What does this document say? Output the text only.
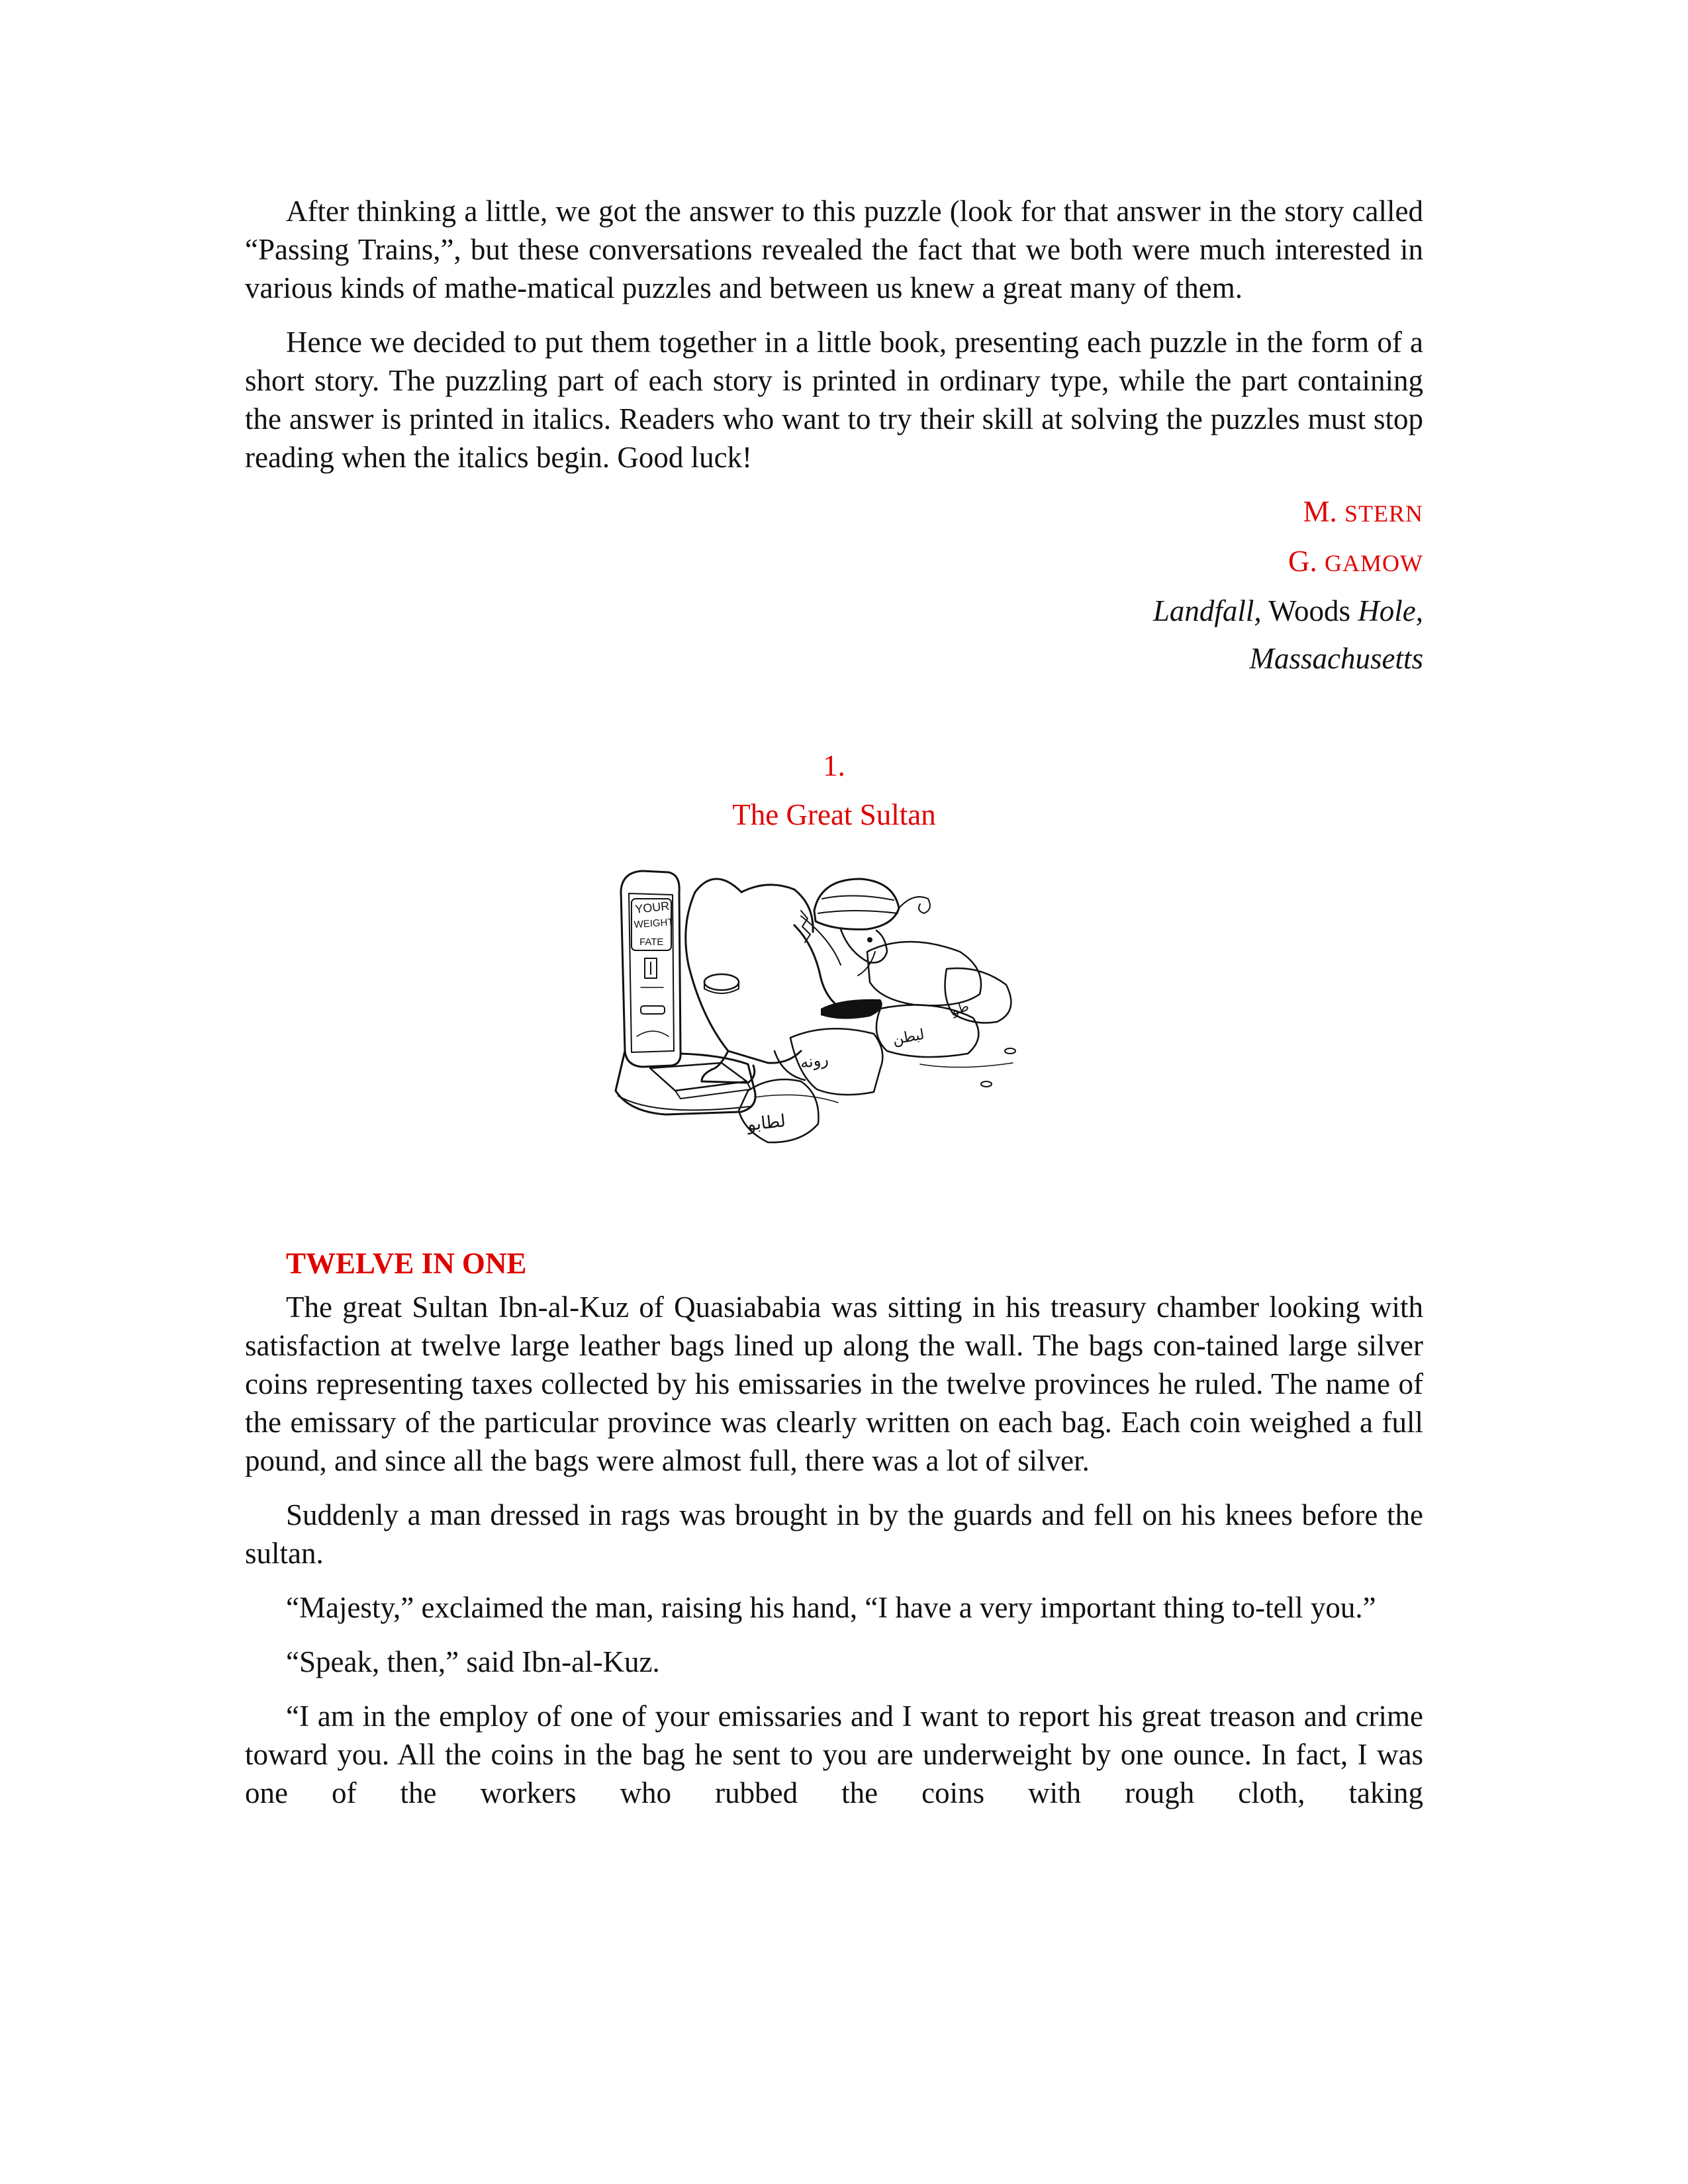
After thinking a little, we got the answer to this puzzle (look for that answer in the story called “Passing Trains,”, but these conversations revealed the fact that we both were much interested in various kinds of mathe-matical puzzles and between us knew a great many of them.

Hence we decided to put them together in a little book, presenting each puzzle in the form of a short story. The puzzling part of each story is printed in ordinary type, while the part containing the answer is printed in italics. Readers who want to try their skill at solving the puzzles must stop reading when the italics begin. Good luck!

M. STERN

G. GAMOW

Landfall, Woods Hole,

Massachusetts

1.

The Great Sultan

YOUR
WEIGHT
FATE
ﻃﻮ
ﻟﺒﻄﻦ
ﺭﻭﻧﻪ
ﻟﻄﺎﺑﻮ

TWELVE IN ONE

The great Sultan Ibn-al-Kuz of Quasiababia was sitting in his treasury chamber looking with satisfaction at twelve large leather bags lined up along the wall. The bags con-tained large silver coins representing taxes collected by his emissaries in the twelve provinces he ruled. The name of the emissary of the particular province was clearly written on each bag. Each coin weighed a full pound, and since all the bags were almost full, there was a lot of silver.

Suddenly a man dressed in rags was brought in by the guards and fell on his knees before the sultan.

“Majesty,” exclaimed the man, raising his hand, “I have a very important thing to-tell you.”

“Speak, then,” said Ibn-al-Kuz.

“I am in the employ of one of your emissaries and I want to report his great treason and crime toward you. All the coins in the bag he sent to you are underweight by one ounce. In fact, I was one of the workers who rubbed the coins with rough cloth, taking
